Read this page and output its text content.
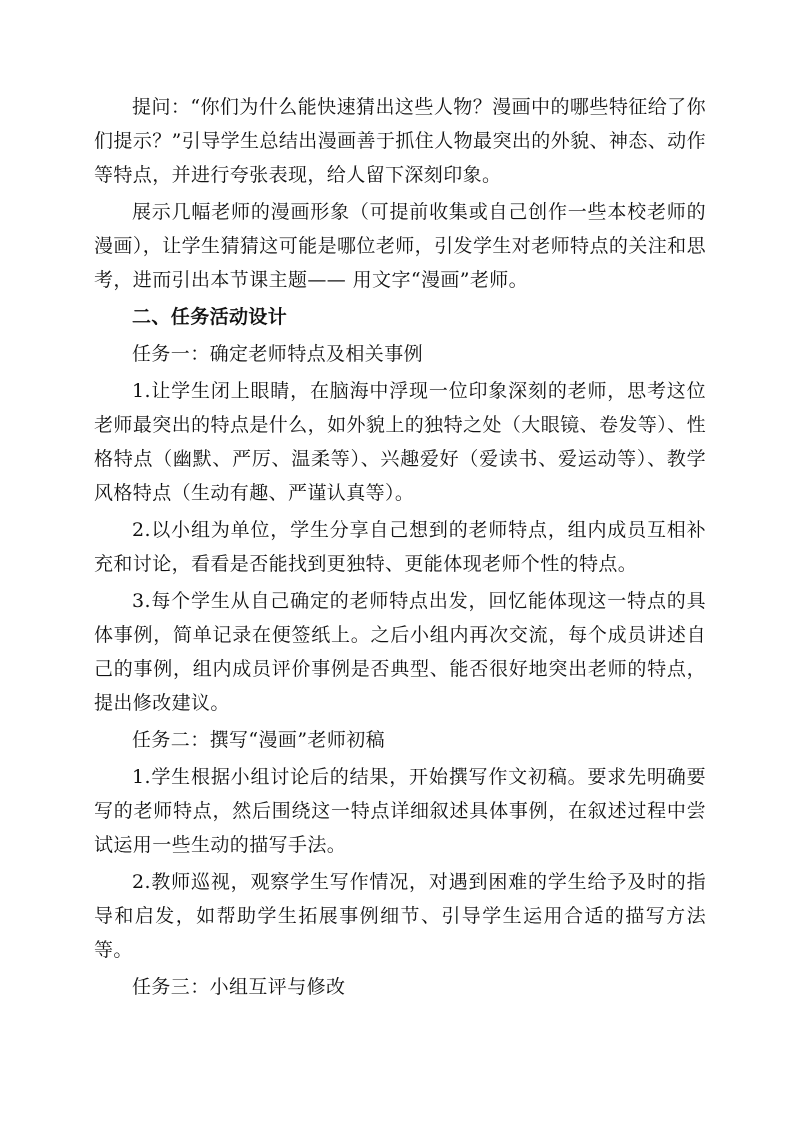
提问：“你们为什么能快速猜出这些人物？漫画中的哪些特征给了你们提示？”引导学生总结出漫画善于抓住人物最突出的外貌、神态、动作等特点，并进行夸张表现，给人留下深刻印象。

展示几幅老师的漫画形象（可提前收集或自己创作一些本校老师的漫画），让学生猜猜这可能是哪位老师，引发学生对老师特点的关注和思考，进而引出本节课主题—— 用文字“漫画”老师。

二、任务活动设计

任务一：确定老师特点及相关事例

1.让学生闭上眼睛，在脑海中浮现一位印象深刻的老师，思考这位老师最突出的特点是什么，如外貌上的独特之处（大眼镜、卷发等）、性格特点（幽默、严厉、温柔等）、兴趣爱好（爱读书、爱运动等）、教学风格特点（生动有趣、严谨认真等）。

2.以小组为单位，学生分享自己想到的老师特点，组内成员互相补充和讨论，看看是否能找到更独特、更能体现老师个性的特点。

3.每个学生从自己确定的老师特点出发，回忆能体现这一特点的具体事例，简单记录在便签纸上。之后小组内再次交流，每个成员讲述自己的事例，组内成员评价事例是否典型、能否很好地突出老师的特点，提出修改建议。

任务二：撰写“漫画”老师初稿

1.学生根据小组讨论后的结果，开始撰写作文初稿。要求先明确要写的老师特点，然后围绕这一特点详细叙述具体事例，在叙述过程中尝试运用一些生动的描写手法。

2.教师巡视，观察学生写作情况，对遇到困难的学生给予及时的指导和启发，如帮助学生拓展事例细节、引导学生运用合适的描写方法等。

任务三：小组互评与修改
